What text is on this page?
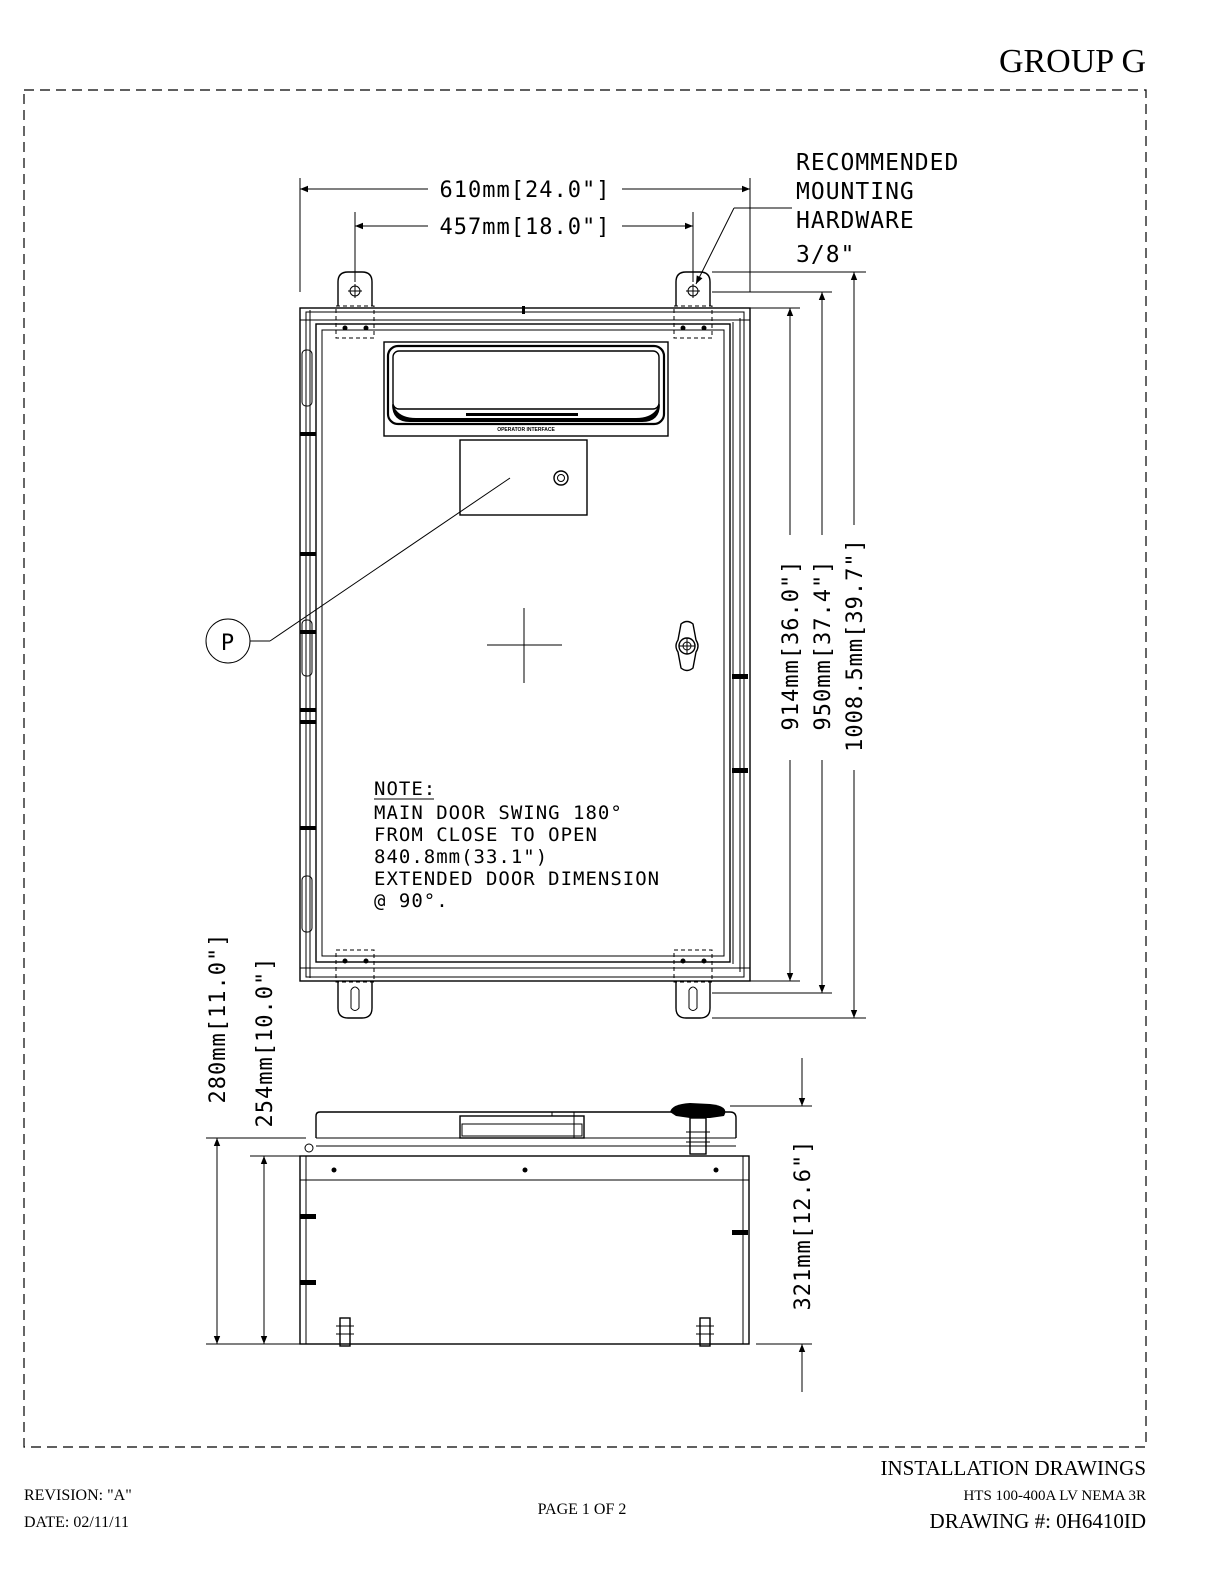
GROUP G
OPERATOR INTERFACE
P
NOTE:
MAIN DOOR SWING 180°
FROM CLOSE TO OPEN
840.8mm(33.1")
EXTENDED DOOR DIMENSION
@ 90°.
610mm[24.0"]
457mm[18.0"]
RECOMMENDED
MOUNTING
HARDWARE
3/8"
914mm[36.0"] 950mm[37.4"] 1008.5mm[39.7"]
280mm[11.0"] 254mm[10.0"]
321mm[12.6"]
REVISION: "A"
DATE: 02/11/11
PAGE 1 OF 2
INSTALLATION DRAWINGS
HTS 100-400A LV NEMA 3R
DRAWING #: 0H6410ID
